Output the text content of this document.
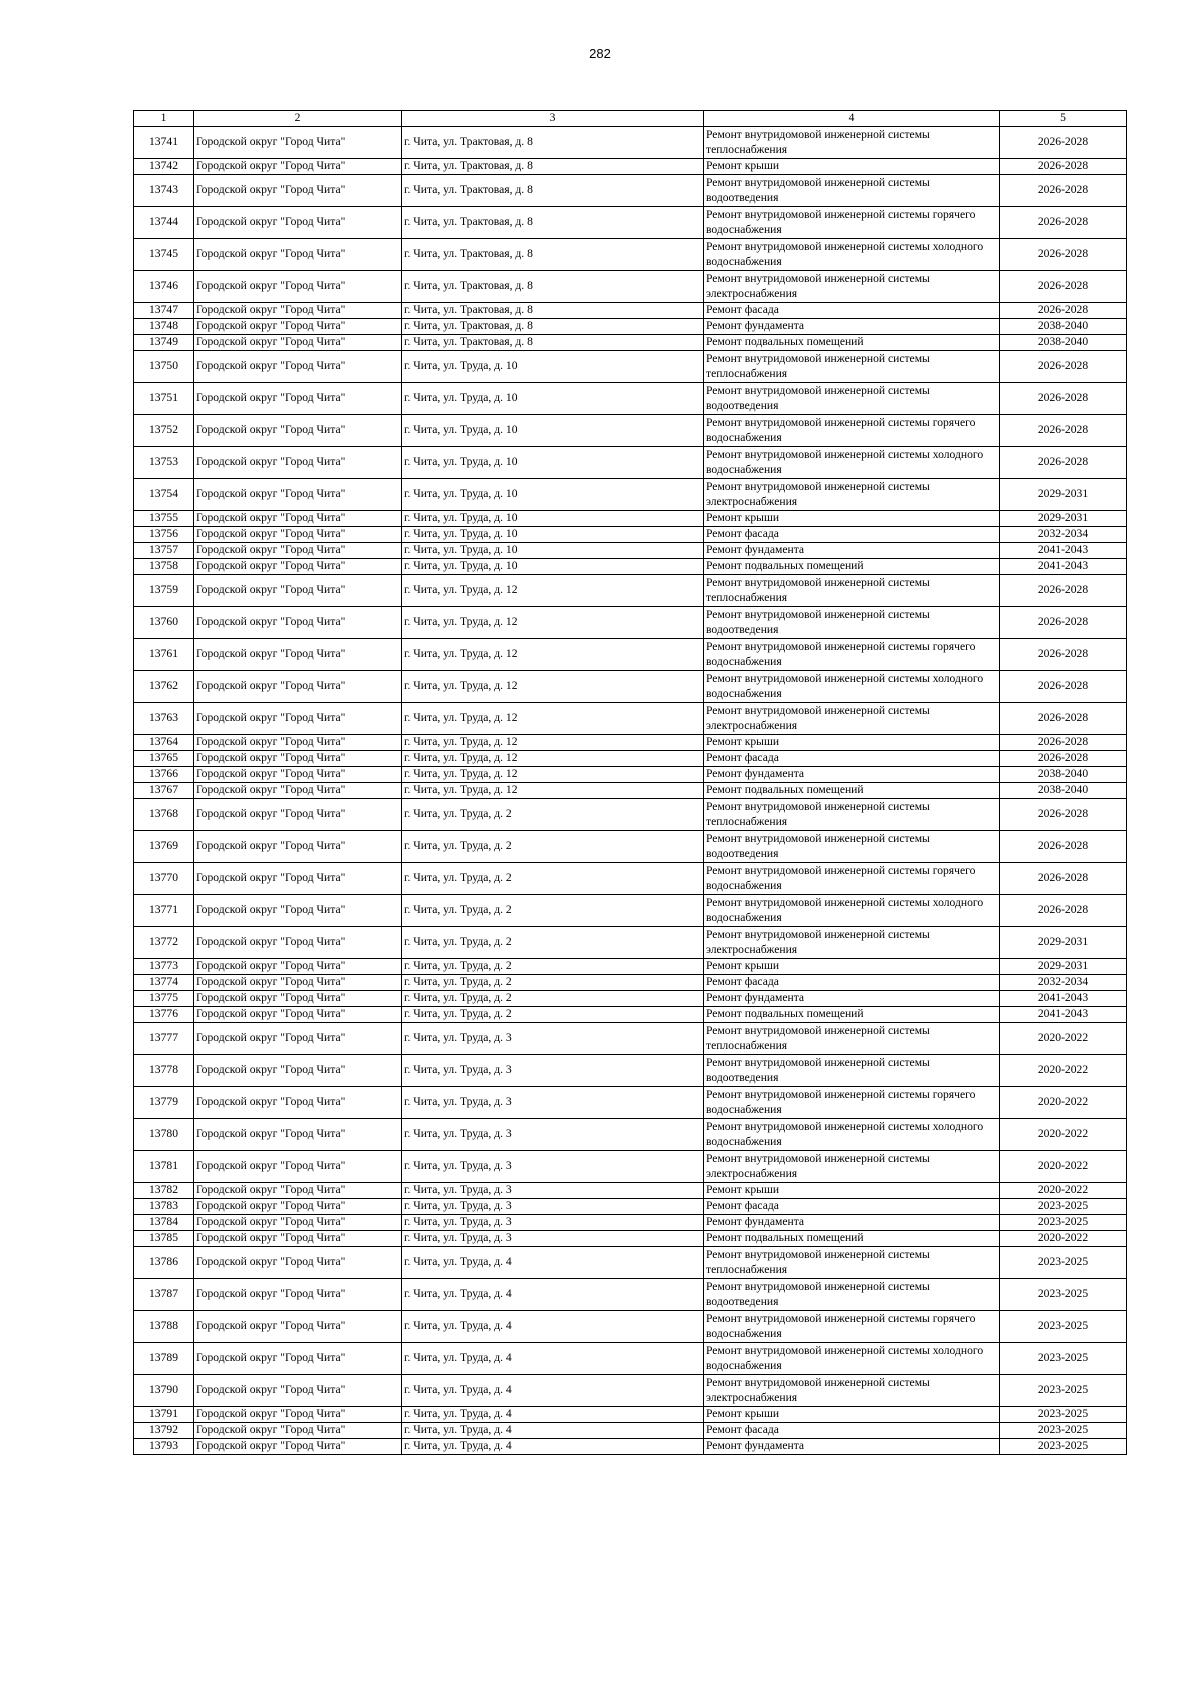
282
1	2	3	4	5
13741	Городской округ "Город Чита"	г. Чита, ул. Трактовая, д. 8	Ремонт внутридомовой инженерной системы теплоснабжения	2026-2028
13742	Городской округ "Город Чита"	г. Чита, ул. Трактовая, д. 8	Ремонт крыши	2026-2028
13743	Городской округ "Город Чита"	г. Чита, ул. Трактовая, д. 8	Ремонт внутридомовой инженерной системы водоотведения	2026-2028
13744	Городской округ "Город Чита"	г. Чита, ул. Трактовая, д. 8	Ремонт внутридомовой инженерной системы горячего водоснабжения	2026-2028
13745	Городской округ "Город Чита"	г. Чита, ул. Трактовая, д. 8	Ремонт внутридомовой инженерной системы холодного водоснабжения	2026-2028
13746	Городской округ "Город Чита"	г. Чита, ул. Трактовая, д. 8	Ремонт внутридомовой инженерной системы электроснабжения	2026-2028
13747	Городской округ "Город Чита"	г. Чита, ул. Трактовая, д. 8	Ремонт фасада	2026-2028
13748	Городской округ "Город Чита"	г. Чита, ул. Трактовая, д. 8	Ремонт фундамента	2038-2040
13749	Городской округ "Город Чита"	г. Чита, ул. Трактовая, д. 8	Ремонт подвальных помещений	2038-2040
13750	Городской округ "Город Чита"	г. Чита, ул. Труда, д. 10	Ремонт внутридомовой инженерной системы теплоснабжения	2026-2028
13751	Городской округ "Город Чита"	г. Чита, ул. Труда, д. 10	Ремонт внутридомовой инженерной системы водоотведения	2026-2028
13752	Городской округ "Город Чита"	г. Чита, ул. Труда, д. 10	Ремонт внутридомовой инженерной системы горячего водоснабжения	2026-2028
13753	Городской округ "Город Чита"	г. Чита, ул. Труда, д. 10	Ремонт внутридомовой инженерной системы холодного водоснабжения	2026-2028
13754	Городской округ "Город Чита"	г. Чита, ул. Труда, д. 10	Ремонт внутридомовой инженерной системы электроснабжения	2029-2031
13755	Городской округ "Город Чита"	г. Чита, ул. Труда, д. 10	Ремонт крыши	2029-2031
13756	Городской округ "Город Чита"	г. Чита, ул. Труда, д. 10	Ремонт фасада	2032-2034
13757	Городской округ "Город Чита"	г. Чита, ул. Труда, д. 10	Ремонт фундамента	2041-2043
13758	Городской округ "Город Чита"	г. Чита, ул. Труда, д. 10	Ремонт подвальных помещений	2041-2043
13759	Городской округ "Город Чита"	г. Чита, ул. Труда, д. 12	Ремонт внутридомовой инженерной системы теплоснабжения	2026-2028
13760	Городской округ "Город Чита"	г. Чита, ул. Труда, д. 12	Ремонт внутридомовой инженерной системы водоотведения	2026-2028
13761	Городской округ "Город Чита"	г. Чита, ул. Труда, д. 12	Ремонт внутридомовой инженерной системы горячего водоснабжения	2026-2028
13762	Городской округ "Город Чита"	г. Чита, ул. Труда, д. 12	Ремонт внутридомовой инженерной системы холодного водоснабжения	2026-2028
13763	Городской округ "Город Чита"	г. Чита, ул. Труда, д. 12	Ремонт внутридомовой инженерной системы электроснабжения	2026-2028
13764	Городской округ "Город Чита"	г. Чита, ул. Труда, д. 12	Ремонт крыши	2026-2028
13765	Городской округ "Город Чита"	г. Чита, ул. Труда, д. 12	Ремонт фасада	2026-2028
13766	Городской округ "Город Чита"	г. Чита, ул. Труда, д. 12	Ремонт фундамента	2038-2040
13767	Городской округ "Город Чита"	г. Чита, ул. Труда, д. 12	Ремонт подвальных помещений	2038-2040
13768	Городской округ "Город Чита"	г. Чита, ул. Труда, д. 2	Ремонт внутридомовой инженерной системы теплоснабжения	2026-2028
13769	Городской округ "Город Чита"	г. Чита, ул. Труда, д. 2	Ремонт внутридомовой инженерной системы водоотведения	2026-2028
13770	Городской округ "Город Чита"	г. Чита, ул. Труда, д. 2	Ремонт внутридомовой инженерной системы горячего водоснабжения	2026-2028
13771	Городской округ "Город Чита"	г. Чита, ул. Труда, д. 2	Ремонт внутридомовой инженерной системы холодного водоснабжения	2026-2028
13772	Городской округ "Город Чита"	г. Чита, ул. Труда, д. 2	Ремонт внутридомовой инженерной системы электроснабжения	2029-2031
13773	Городской округ "Город Чита"	г. Чита, ул. Труда, д. 2	Ремонт крыши	2029-2031
13774	Городской округ "Город Чита"	г. Чита, ул. Труда, д. 2	Ремонт фасада	2032-2034
13775	Городской округ "Город Чита"	г. Чита, ул. Труда, д. 2	Ремонт фундамента	2041-2043
13776	Городской округ "Город Чита"	г. Чита, ул. Труда, д. 2	Ремонт подвальных помещений	2041-2043
13777	Городской округ "Город Чита"	г. Чита, ул. Труда, д. 3	Ремонт внутридомовой инженерной системы теплоснабжения	2020-2022
13778	Городской округ "Город Чита"	г. Чита, ул. Труда, д. 3	Ремонт внутридомовой инженерной системы водоотведения	2020-2022
13779	Городской округ "Город Чита"	г. Чита, ул. Труда, д. 3	Ремонт внутридомовой инженерной системы горячего водоснабжения	2020-2022
13780	Городской округ "Город Чита"	г. Чита, ул. Труда, д. 3	Ремонт внутридомовой инженерной системы холодного водоснабжения	2020-2022
13781	Городской округ "Город Чита"	г. Чита, ул. Труда, д. 3	Ремонт внутридомовой инженерной системы электроснабжения	2020-2022
13782	Городской округ "Город Чита"	г. Чита, ул. Труда, д. 3	Ремонт крыши	2020-2022
13783	Городской округ "Город Чита"	г. Чита, ул. Труда, д. 3	Ремонт фасада	2023-2025
13784	Городской округ "Город Чита"	г. Чита, ул. Труда, д. 3	Ремонт фундамента	2023-2025
13785	Городской округ "Город Чита"	г. Чита, ул. Труда, д. 3	Ремонт подвальных помещений	2020-2022
13786	Городской округ "Город Чита"	г. Чита, ул. Труда, д. 4	Ремонт внутридомовой инженерной системы теплоснабжения	2023-2025
13787	Городской округ "Город Чита"	г. Чита, ул. Труда, д. 4	Ремонт внутридомовой инженерной системы водоотведения	2023-2025
13788	Городской округ "Город Чита"	г. Чита, ул. Труда, д. 4	Ремонт внутридомовой инженерной системы горячего водоснабжения	2023-2025
13789	Городской округ "Город Чита"	г. Чита, ул. Труда, д. 4	Ремонт внутридомовой инженерной системы холодного водоснабжения	2023-2025
13790	Городской округ "Город Чита"	г. Чита, ул. Труда, д. 4	Ремонт внутридомовой инженерной системы электроснабжения	2023-2025
13791	Городской округ "Город Чита"	г. Чита, ул. Труда, д. 4	Ремонт крыши	2023-2025
13792	Городской округ "Город Чита"	г. Чита, ул. Труда, д. 4	Ремонт фасада	2023-2025
13793	Городской округ "Город Чита"	г. Чита, ул. Труда, д. 4	Ремонт фундамента	2023-2025
